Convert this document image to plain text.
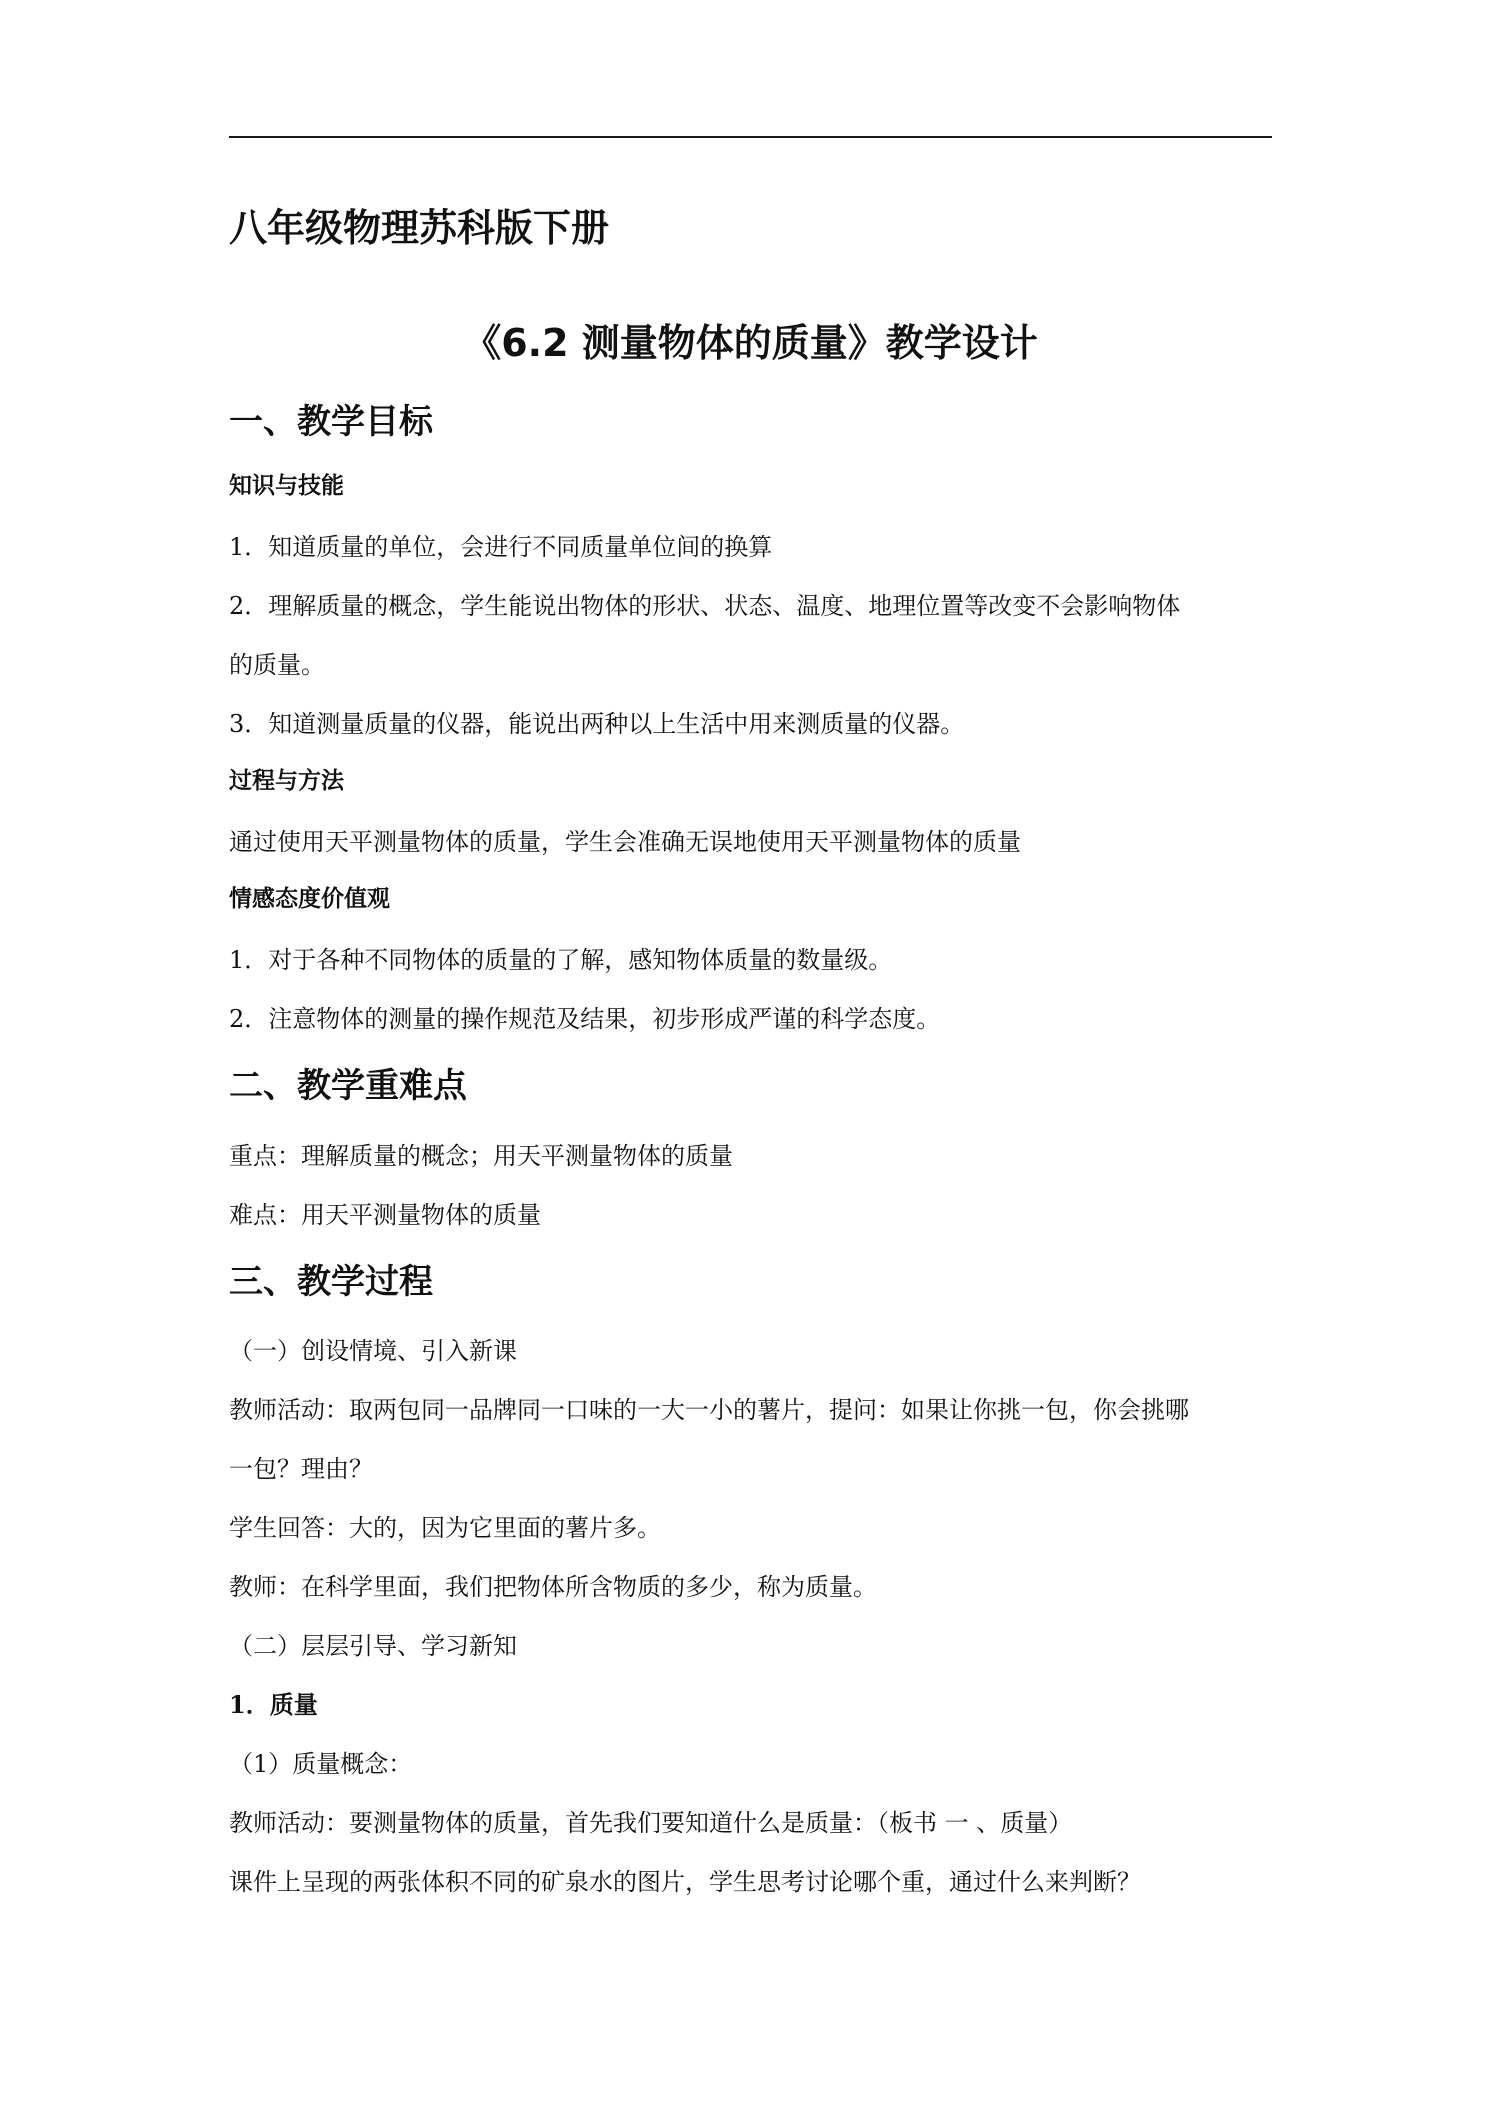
八年级物理苏科版下册
《6.2 测量物体的质量》教学设计
一、教学目标
知识与技能
1．知道质量的单位，会进行不同质量单位间的换算
2．理解质量的概念，学生能说出物体的形状、状态、温度、地理位置等改变不会影响物体
的质量。
3．知道测量质量的仪器，能说出两种以上生活中用来测质量的仪器。
过程与方法
通过使用天平测量物体的质量，学生会准确无误地使用天平测量物体的质量
情感态度价值观
1．对于各种不同物体的质量的了解，感知物体质量的数量级。
2．注意物体的测量的操作规范及结果，初步形成严谨的科学态度。
二、教学重难点
重点：理解质量的概念；用天平测量物体的质量
难点：用天平测量物体的质量
三、教学过程
（一）创设情境、引入新课
教师活动：取两包同一品牌同一口味的一大一小的薯片，提问：如果让你挑一包，你会挑哪
一包？理由？
学生回答：大的，因为它里面的薯片多。
教师：在科学里面，我们把物体所含物质的多少，称为质量。
（二）层层引导、学习新知
1．质量
（1）质量概念：
教师活动：要测量物体的质量，首先我们要知道什么是质量：（板书 一 、质量）
课件上呈现的两张体积不同的矿泉水的图片，学生思考讨论哪个重，通过什么来判断？
